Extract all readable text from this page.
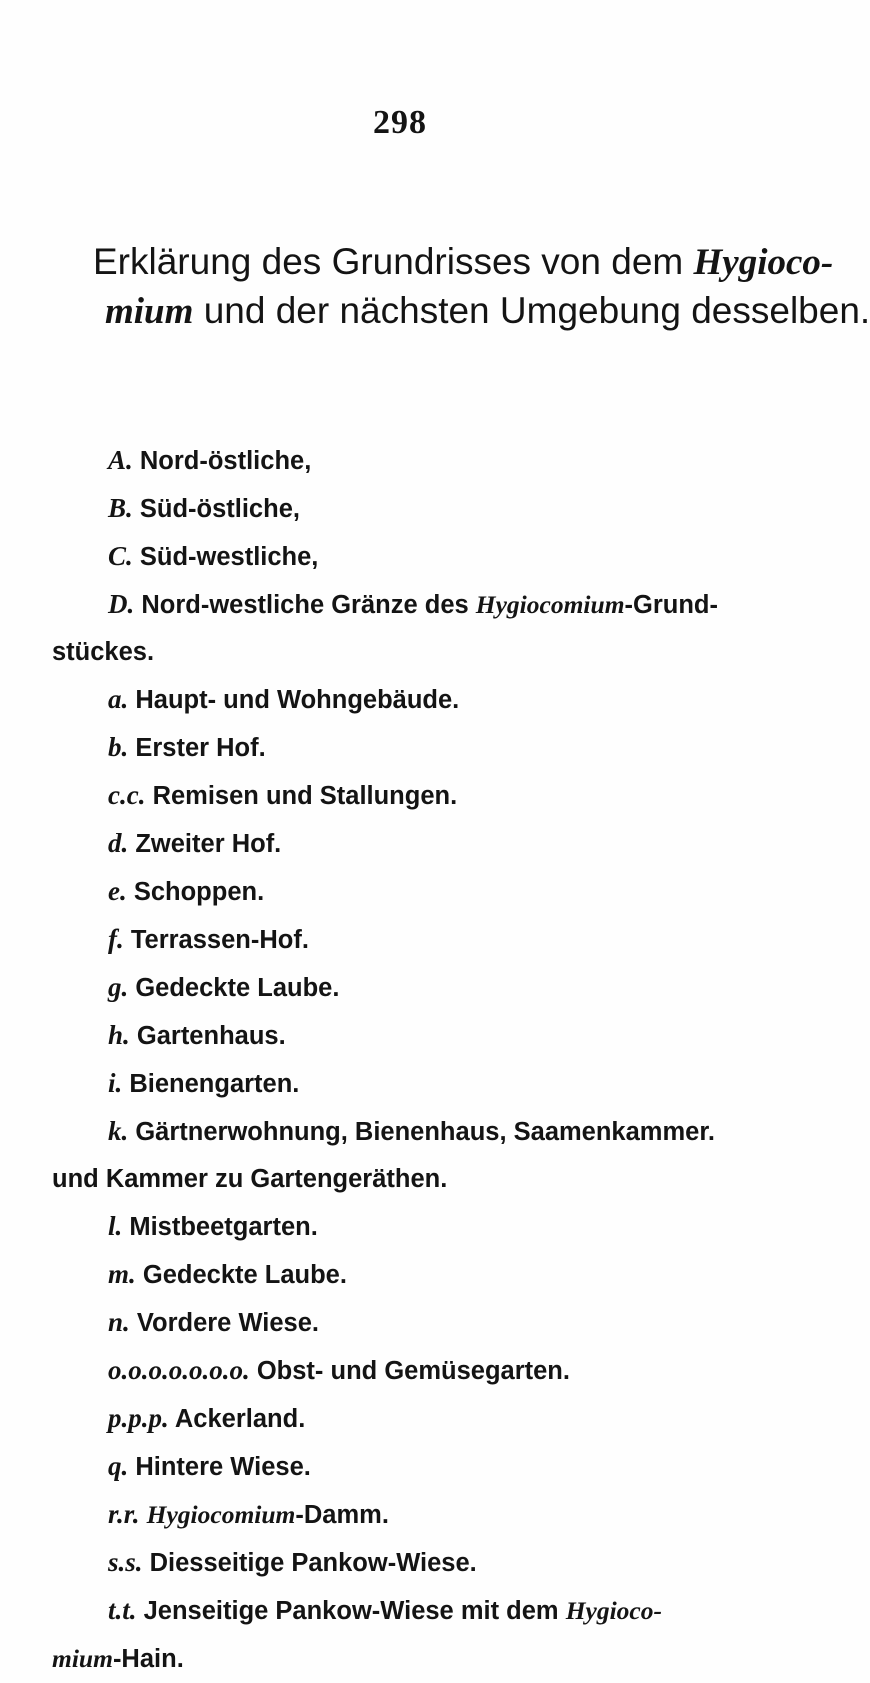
298
Erklärung des Grundrisses von dem Hygioco-
mium und der nächsten Umgebung desselben.
A. Nord-östliche,
B. Süd-östliche,
C. Süd-westliche,
D. Nord-westliche Gränze des Hygiocomium-Grund-
stückes.
a. Haupt- und Wohngebäude.
b. Erster Hof.
c.c. Remisen und Stallungen.
d. Zweiter Hof.
e. Schoppen.
f. Terrassen-Hof.
g. Gedeckte Laube.
h. Gartenhaus.
i. Bienengarten.
k. Gärtnerwohnung, Bienenhaus, Saamenkammer.
und Kammer zu Gartengeräthen.
l. Mistbeetgarten.
m. Gedeckte Laube.
n. Vordere Wiese.
o.o.o.o.o.o.o. Obst- und Gemüsegarten.
p.p.p. Ackerland.
q. Hintere Wiese.
r.r. Hygiocomium-Damm.
s.s. Diesseitige Pankow-Wiese.
t.t. Jenseitige Pankow-Wiese mit dem Hygioco-
mium-Hain.
